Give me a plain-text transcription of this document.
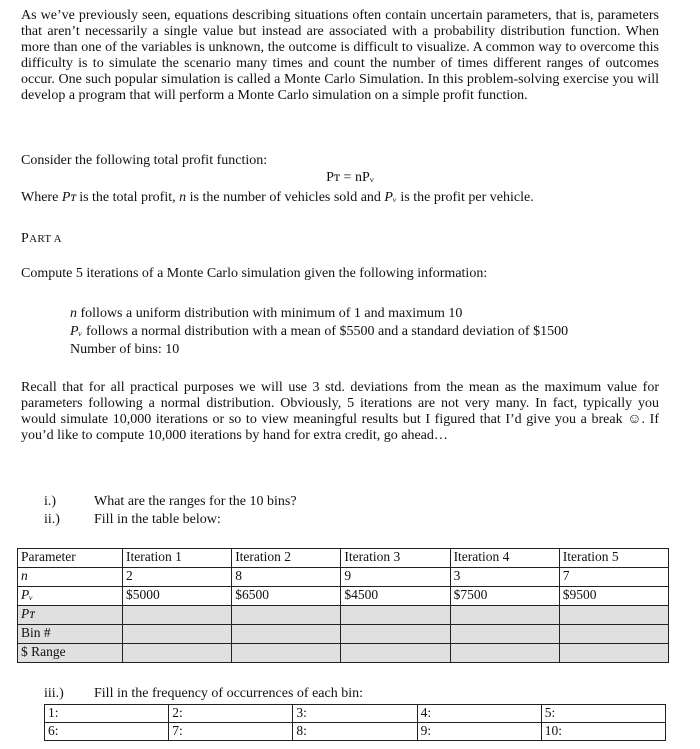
As we’ve previously seen, equations describing situations often contain uncertain parameters, that is, parameters that aren’t necessarily a single value but instead are associated with a probability distribution function. When more than one of the variables is unknown, the outcome is difficult to visualize. A common way to overcome this difficulty is to simulate the scenario many times and count the number of times different ranges of outcomes occur. One such popular simulation is called a Monte Carlo Simulation. In this problem-solving exercise you will develop a program that will perform a Monte Carlo simulation on a simple profit function.

Consider the following total profit function:

Pᴛ = nPᵥ

Where Pᴛ is the total profit, n is the number of vehicles sold and Pᵥ is the profit per vehicle.

PART A

Compute 5 iterations of a Monte Carlo simulation given the following information:

n follows a uniform distribution with minimum of 1 and maximum 10

Pᵥ follows a normal distribution with a mean of $5500 and a standard deviation of $1500

Number of bins: 10

Recall that for all practical purposes we will use 3 std. deviations from the mean as the maximum value for parameters following a normal distribution. Obviously, 5 iterations are not very many. In fact, typically you would simulate 10,000 iterations or so to view meaningful results but I figured that I’d give you a break ☺. If you’d like to compute 10,000 iterations by hand for extra credit, go ahead…

i.)	What are the ranges for the 10 bins?
ii.) Fill in the table below:
Parameter	Iteration 1	Iteration 2	Iteration 3	Iteration 4	Iteration 5
n	2	8	9	3	7
Pᵥ	$5000	$6500	$4500	$7500	$9500
Pᴛ					
Bin #					
$ Range					
iii.) Fill in the frequency of occurrences of each bin:
1:	2:	3:	4:	5:
6:	7:	8:	9:	10:
